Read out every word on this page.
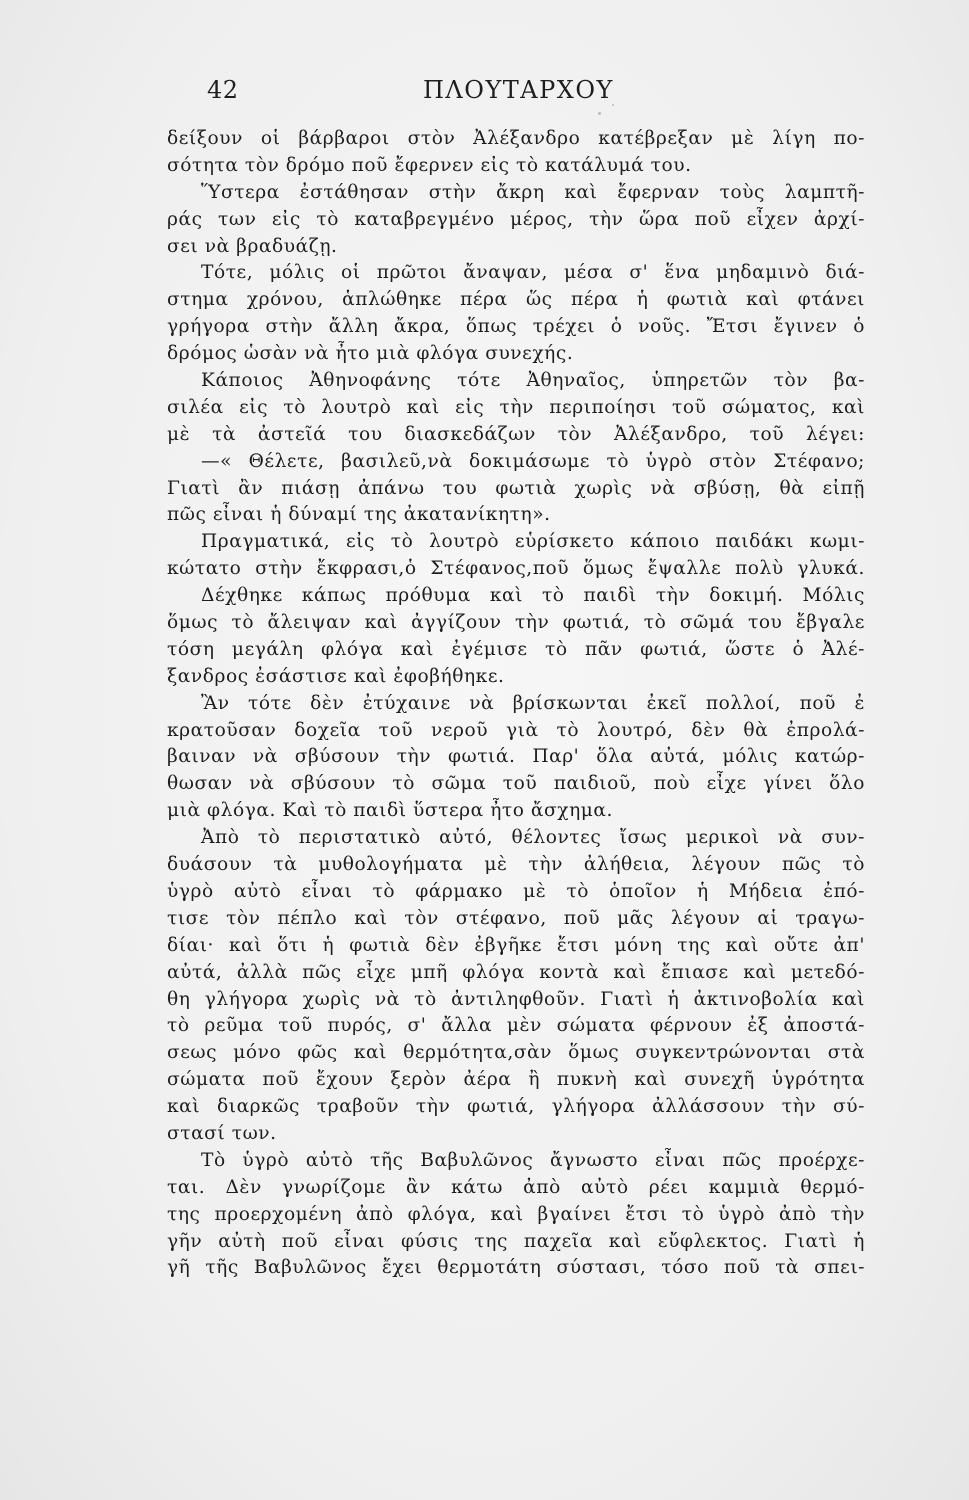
42	ΠΛΟΥΤΑΡΧΟΥ
δείξουν οἱ βάρβαροι στὸν Ἀλέξανδρο κατέβρεξαν μὲ λίγη πο-
σότητα τὸν δρόμο ποῦ ἔφερνεν εἰς τὸ κατάλυμά του.
Ὕστερα ἐστάθησαν στὴν ἄκρη καὶ ἔφερναν τοὺς λαμπτῆ-
ράς των εἰς τὸ καταβρεγμένο μέρος, τὴν ὥρα ποῦ εἶχεν ἀρχί-
σει νὰ βραδυάζῃ.
Τότε, μόλις οἱ πρῶτοι ἄναψαν, μέσα σ' ἕνα μηδαμινὸ διά-
στημα χρόνου, ἁπλώθηκε πέρα ὥς πέρα ἡ φωτιὰ καὶ φτάνει
γρήγορα στὴν ἄλλη ἄκρα, ὅπως τρέχει ὁ νοῦς. Ἔτσι ἔγινεν ὁ
δρόμος ὡσὰν νὰ ἦτο μιὰ φλόγα συνεχής.
Κάποιος Ἀθηνοφάνης τότε Ἀθηναῖος, ὑπηρετῶν τὸν βα-
σιλέα εἰς τὸ λουτρὸ καὶ εἰς τὴν περιποίησι τοῦ σώματος, καὶ
μὲ τὰ ἀστεῖά του διασκεδάζων τὸν Ἀλέξανδρο, τοῦ λέγει:
—« Θέλετε, βασιλεῦ,νὰ δοκιμάσωμε τὸ ὑγρὸ στὸν Στέφανο;
Γιατὶ ἂν πιάσῃ ἀπάνω του φωτιὰ χωρὶς νὰ σβύσῃ, θὰ εἰπῇ
πῶς εἶναι ἡ δύναμί της ἀκατανίκητη».
Πραγματικά, εἰς τὸ λουτρὸ εὑρίσκετο κάποιο παιδάκι κωμι-
κώτατο στὴν ἔκφρασι,ὁ Στέφανος,ποῦ ὅμως ἔψαλλε πολὺ γλυκά.
Δέχθηκε κάπως πρόθυμα καὶ τὸ παιδὶ τὴν δοκιμή. Μόλις
ὅμως τὸ ἄλειψαν καὶ ἀγγίζουν τὴν φωτιά, τὸ σῶμά του ἔβγαλε
τόση μεγάλη φλόγα καὶ ἐγέμισε τὸ πᾶν φωτιά, ὥστε ὁ Ἀλέ-
ξανδρος ἐσάστισε καὶ ἐφοβήθηκε.
Ἂν τότε δὲν ἐτύχαινε νὰ βρίσκωνται ἐκεῖ πολλοί, ποῦ ἐ
κρατοῦσαν δοχεῖα τοῦ νεροῦ γιὰ τὸ λουτρό, δὲν θὰ ἐπρολά-
βαιναν νὰ σβύσουν τὴν φωτιά. Παρ' ὅλα αὐτά, μόλις κατώρ-
θωσαν νὰ σβύσουν τὸ σῶμα τοῦ παιδιοῦ, ποὺ εἶχε γίνει ὅλο
μιὰ φλόγα. Καὶ τὸ παιδὶ ὕστερα ἦτο ἄσχημα.
Ἀπὸ τὸ περιστατικὸ αὐτό, θέλοντες ἴσως μερικοὶ νὰ συν-
δυάσουν τὰ μυθολογήματα μὲ τὴν ἀλήθεια, λέγουν πῶς τὸ
ὑγρὸ αὐτὸ εἶναι τὸ φάρμακο μὲ τὸ ὁποῖον ἡ Μήδεια ἐπό-
τισε τὸν πέπλο καὶ τὸν στέφανο, ποῦ μᾶς λέγουν αἱ τραγω-
δίαι· καὶ ὅτι ἡ φωτιὰ δὲν ἐβγῆκε ἔτσι μόνη της καὶ οὔτε ἀπ'
αὐτά, ἀλλὰ πῶς εἶχε μπῆ φλόγα κοντὰ καὶ ἔπιασε καὶ μετεδό-
θη γλήγορα χωρὶς νὰ τὸ ἀντιληφθοῦν. Γιατὶ ἡ ἀκτινοβολία καὶ
τὸ ρεῦμα τοῦ πυρός, σ' ἄλλα μὲν σώματα φέρνουν ἐξ ἀποστά-
σεως μόνο φῶς καὶ θερμότητα,σὰν ὅμως συγκεντρώνονται στὰ
σώματα ποῦ ἔχουν ξερὸν ἀέρα ἢ πυκνὴ καὶ συνεχῆ ὑγρότητα
καὶ διαρκῶς τραβοῦν τὴν φωτιά, γλήγορα ἀλλάσσουν τὴν σύ-
στασί των.
Τὸ ὑγρὸ αὐτὸ τῆς Βαβυλῶνος ἄγνωστο εἶναι πῶς προέρχε-
ται. Δὲν γνωρίζομε ἂν κάτω ἀπὸ αὐτὸ ρέει καμμιὰ θερμό-
της προερχομένη ἀπὸ φλόγα, καὶ βγαίνει ἔτσι τὸ ὑγρὸ ἀπὸ τὴν
γῆν αὐτὴ ποῦ εἶναι φύσις της παχεῖα καὶ εὔφλεκτος. Γιατὶ ἡ
γῆ τῆς Βαβυλῶνος ἔχει θερμοτάτη σύστασι, τόσο ποῦ τὰ σπει-
